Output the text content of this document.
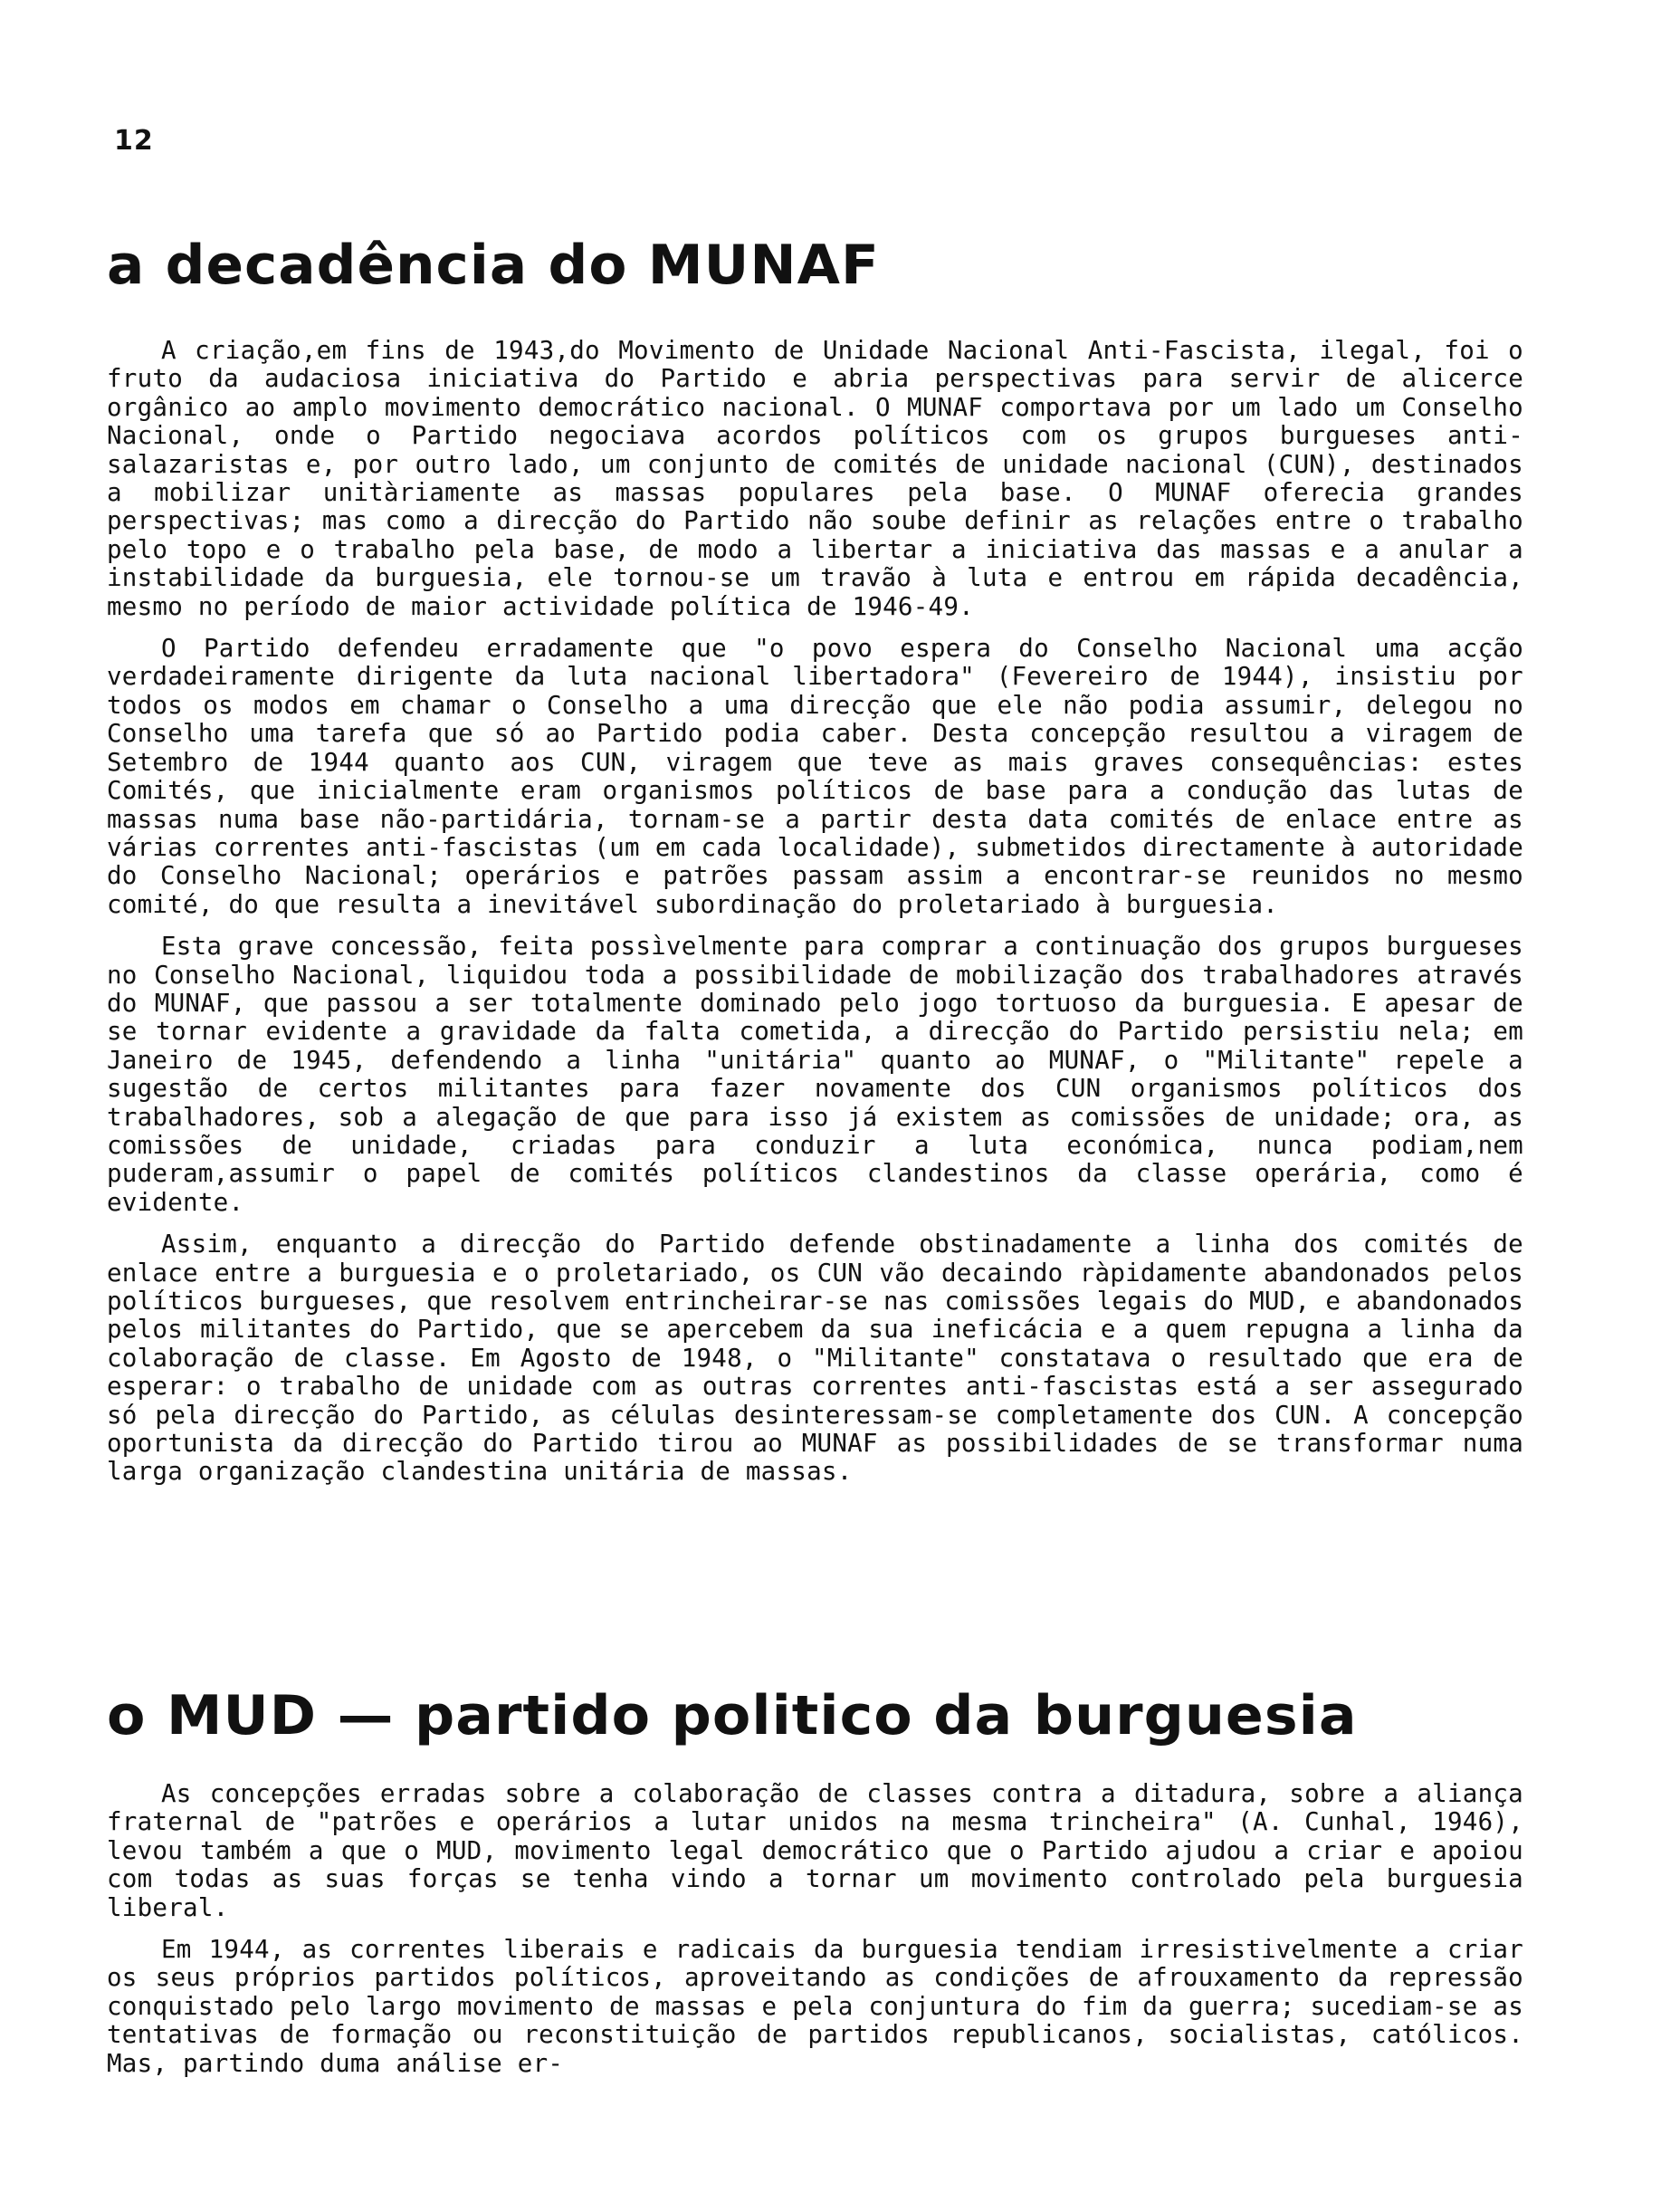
12
a decadência do MUNAF

A criação,em fins de 1943,do Movimento de Unidade Nacional Anti-Fascista, ilegal, foi o fruto da audaciosa iniciativa do Partido e abria perspectivas para servir de alicerce orgânico ao amplo movimento democrático nacional. O MUNAF comportava por um lado um Conselho Nacional, onde o Partido negociava acordos políticos com os grupos burgueses anti-salazaristas e, por outro lado, um conjunto de comités de unidade nacional (CUN), destinados a mobilizar unitàriamente as massas populares pela base. O MUNAF oferecia grandes perspectivas; mas como a direcção do Partido não soube definir as relações entre o trabalho pelo topo e o trabalho pela base, de modo a libertar a iniciativa das massas e a anular a instabilidade da burguesia, ele tornou-se um travão à luta e entrou em rápida decadência, mesmo no período de maior actividade política de 1946-49.

O Partido defendeu erradamente que "o povo espera do Conselho Nacional uma acção verdadeiramente dirigente da luta nacional libertadora" (Fevereiro de 1944), insistiu por todos os modos em chamar o Conselho a uma direcção que ele não podia assumir, delegou no Conselho uma tarefa que só ao Partido podia caber. Desta concepção resultou a viragem de Setembro de 1944 quanto aos CUN, viragem que teve as mais graves consequências: estes Comités, que inicialmente eram organismos políticos de base para a condução das lutas de massas numa base não-partidária, tornam-se a partir desta data comités de enlace entre as várias correntes anti-fascistas (um em cada localidade), submetidos directamente à autoridade do Conselho Nacional; operários e patrões passam assim a encontrar-se reunidos no mesmo comité, do que resulta a inevitável subordinação do proletariado à burguesia.

Esta grave concessão, feita possìvelmente para comprar a continuação dos grupos burgueses no Conselho Nacional, liquidou toda a possibilidade de mobilização dos trabalhadores através do MUNAF, que passou a ser totalmente dominado pelo jogo tortuoso da burguesia. E apesar de se tornar evidente a gravidade da falta cometida, a direcção do Partido persistiu nela; em Janeiro de 1945, defendendo a linha "unitária" quanto ao MUNAF, o "Militante" repele a sugestão de certos militantes para fazer novamente dos CUN organismos políticos dos trabalhadores, sob a alegação de que para isso já existem as comissões de unidade; ora, as comissões de unidade, criadas para conduzir a luta económica, nunca podiam,nem puderam,assumir o papel de comités políticos clandestinos da classe operária, como é evidente.

Assim, enquanto a direcção do Partido defende obstinadamente a linha dos comités de enlace entre a burguesia e o proletariado, os CUN vão decaindo ràpidamente abandonados pelos políticos burgueses, que resolvem entrincheirar-se nas comissões legais do MUD, e abandonados pelos militantes do Partido, que se apercebem da sua ineficácia e a quem repugna a linha da colaboração de classe. Em Agosto de 1948, o "Militante" constatava o resultado que era de esperar: o trabalho de unidade com as outras correntes anti-fascistas está a ser assegurado só pela direcção do Partido, as células desinteressam-se completamente dos CUN. A concepção oportunista da direcção do Partido tirou ao MUNAF as possibilidades de se transformar numa larga organização clandestina unitária de massas.

o MUD — partido politico da burguesia

As concepções erradas sobre a colaboração de classes contra a ditadura, sobre a aliança fraternal de "patrões e operários a lutar unidos na mesma trincheira" (A. Cunhal, 1946), levou também a que o MUD, movimento legal democrático que o Partido ajudou a criar e apoiou com todas as suas forças se tenha vindo a tornar um movimento controlado pela burguesia liberal.

Em 1944, as correntes liberais e radicais da burguesia tendiam irresistivelmente a criar os seus próprios partidos políticos, aproveitando as condições de afrouxamento da repressão conquistado pelo largo movimento de massas e pela conjuntura do fim da guerra; sucediam-se as tentativas de formação ou reconstituição de partidos republicanos, socialistas, católicos. Mas, partindo duma análise er-
